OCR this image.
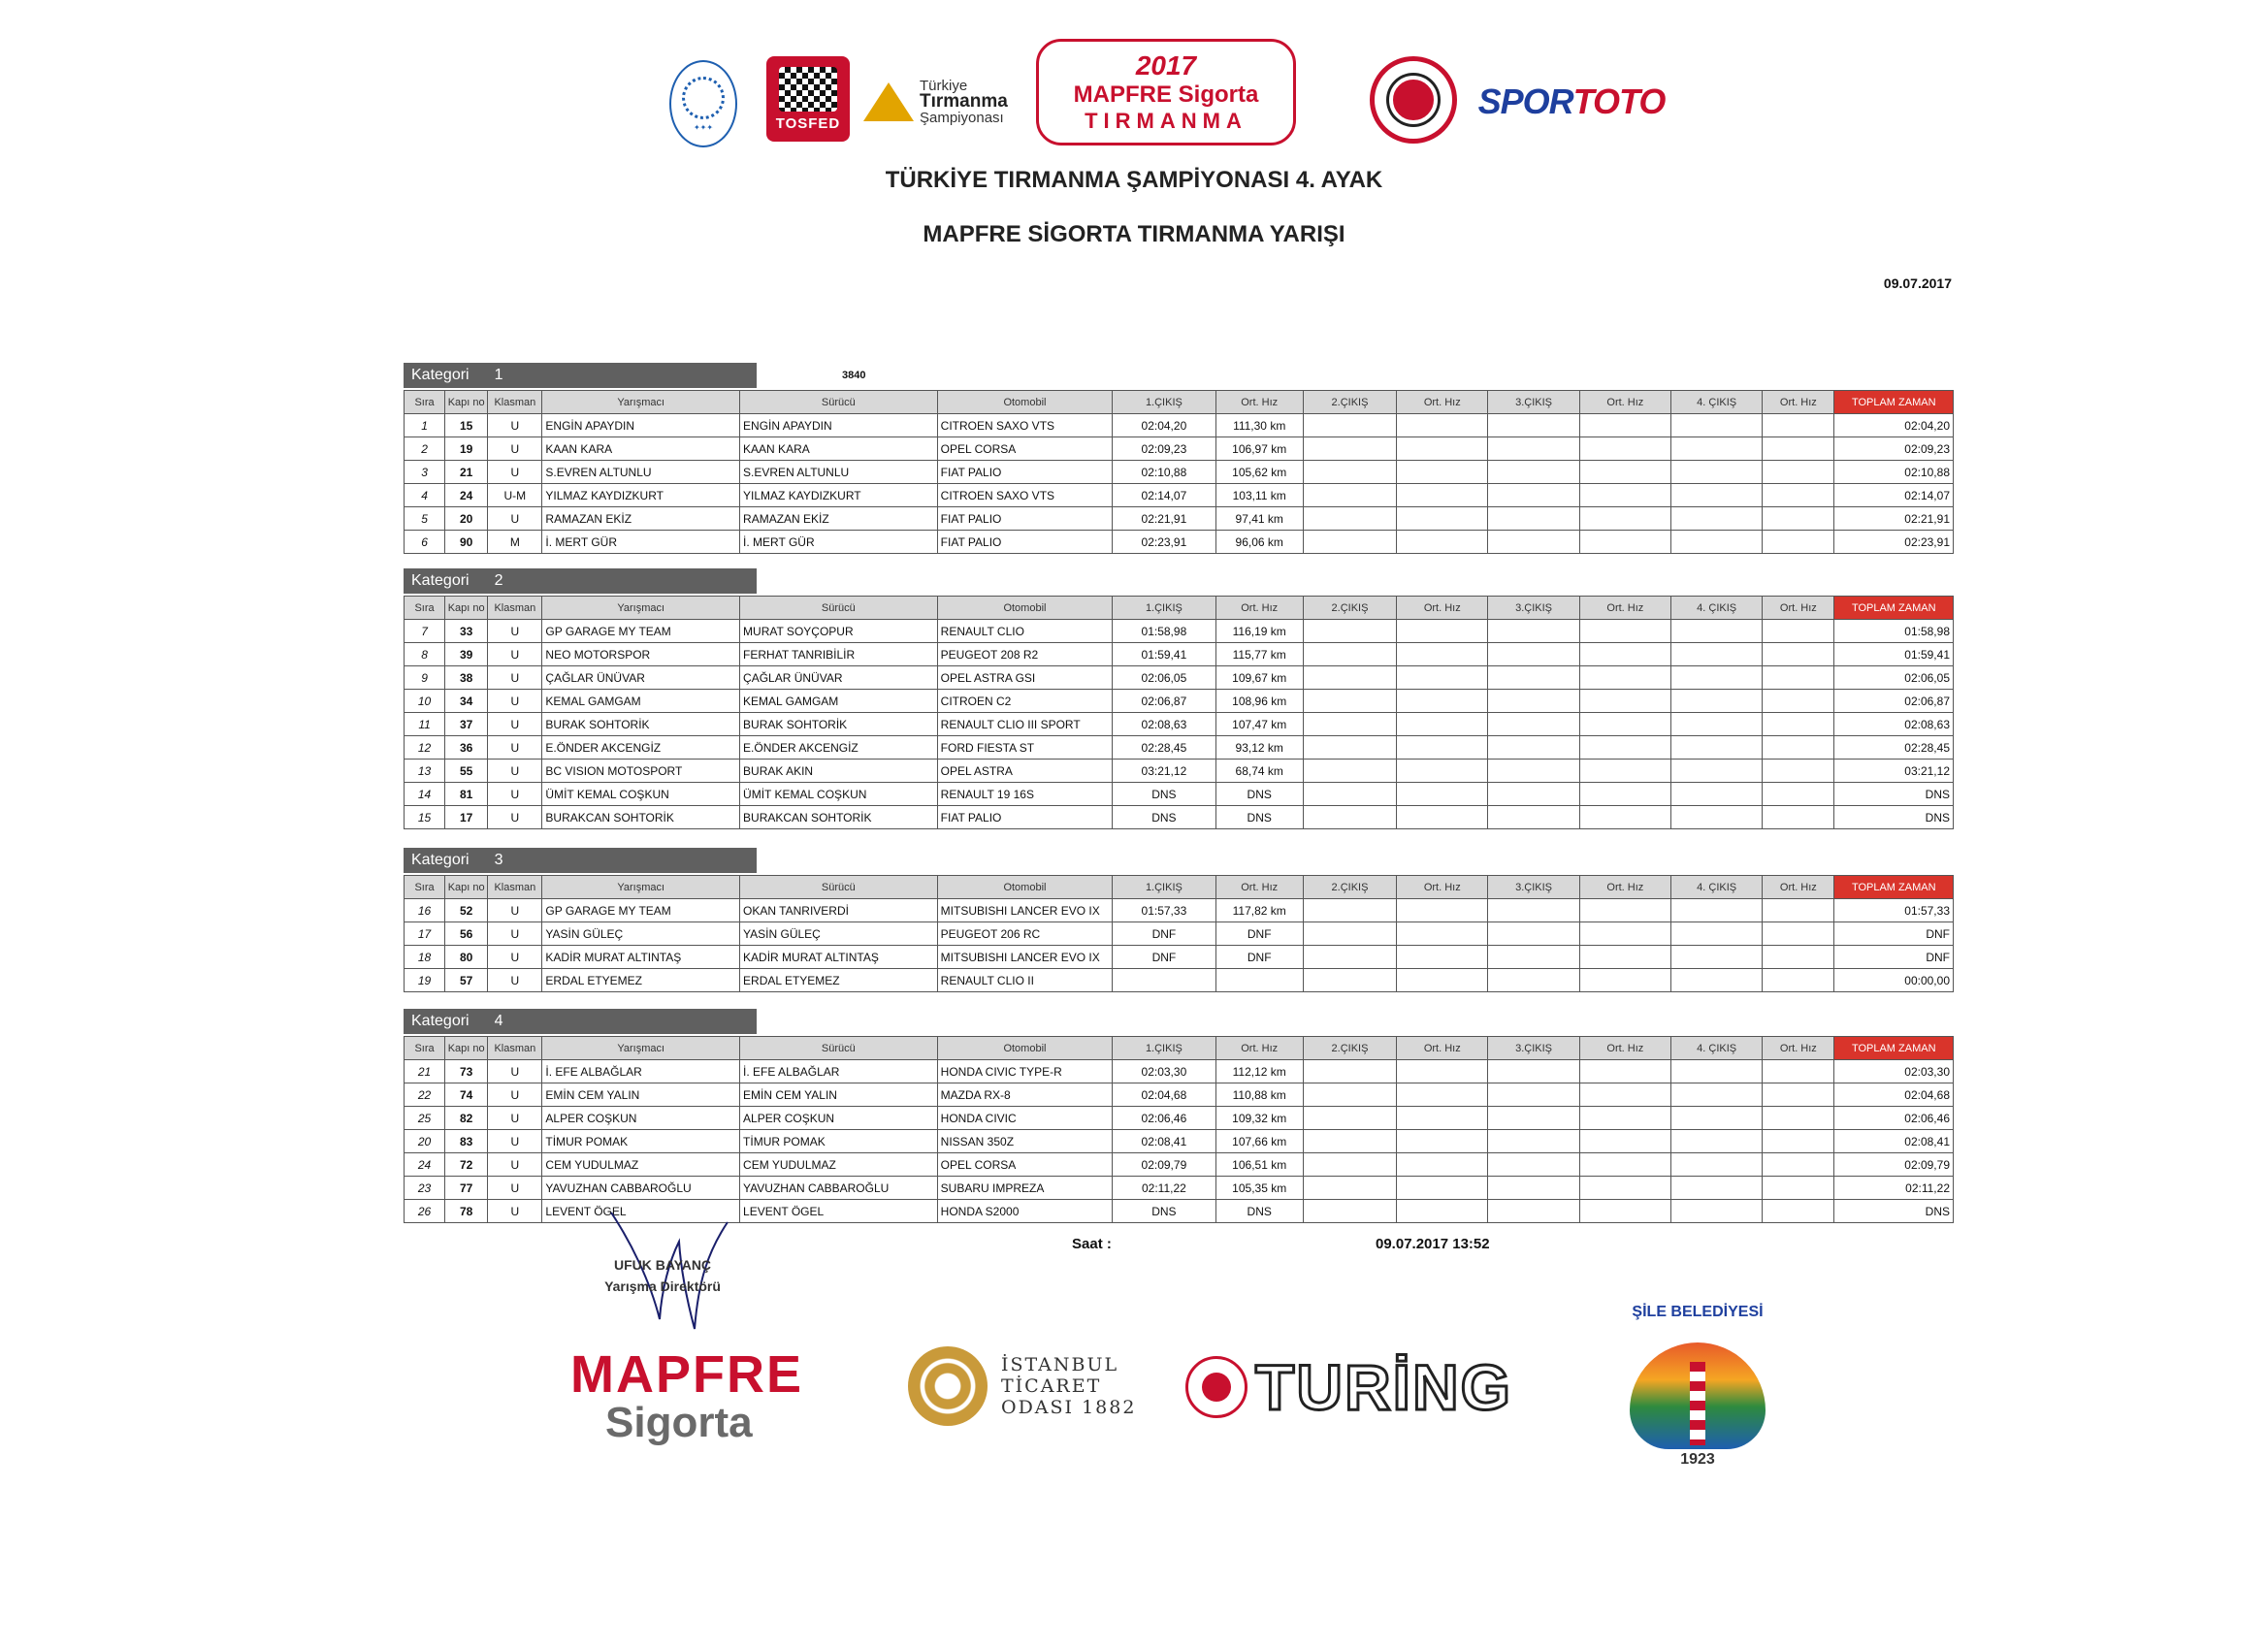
✦✦✦	TOSFED
Türkiye
Tırmanma
Şampiyonası
2017
MAPFRE Sigorta
TIRMANMA	SPOR TOTO
TÜRKİYE TIRMANMA ŞAMPİYONASI 4. AYAK
MAPFRE SİGORTA TIRMANMA YARIŞI
09.07.2017
3840
Kategori 1
Sıra	Kapı no	Klasman	Yarışmacı	Sürücü	Otomobil	1.ÇIKIŞ	Ort. Hız	2.ÇIKIŞ	Ort. Hız	3.ÇIKIŞ	Ort. Hız	4. ÇIKIŞ	Ort. Hız	TOPLAM ZAMAN
1	15	U	ENGİN APAYDIN	ENGİN APAYDIN	CITROEN SAXO VTS	02:04,20	111,30 km							02:04,20
2	19	U	KAAN KARA	KAAN KARA	OPEL CORSA	02:09,23	106,97 km							02:09,23
3	21	U	S.EVREN ALTUNLU	S.EVREN ALTUNLU	FIAT PALIO	02:10,88	105,62 km							02:10,88
4	24	U-M	YILMAZ KAYDIZKURT	YILMAZ KAYDIZKURT	CITROEN SAXO VTS	02:14,07	103,11 km							02:14,07
5	20	U	RAMAZAN EKİZ	RAMAZAN EKİZ	FIAT PALIO	02:21,91	97,41 km							02:21,91
6	90	M	İ. MERT GÜR	İ. MERT GÜR	FIAT PALIO	02:23,91	96,06 km							02:23,91
Kategori 2
Sıra	Kapı no	Klasman	Yarışmacı	Sürücü	Otomobil	1.ÇIKIŞ	Ort. Hız	2.ÇIKIŞ	Ort. Hız	3.ÇIKIŞ	Ort. Hız	4. ÇIKIŞ	Ort. Hız	TOPLAM ZAMAN
7	33	U	GP GARAGE MY TEAM	MURAT SOYÇOPUR	RENAULT CLIO	01:58,98	116,19 km							01:58,98
8	39	U	NEO MOTORSPOR	FERHAT TANRIBİLİR	PEUGEOT 208 R2	01:59,41	115,77 km							01:59,41
9	38	U	ÇAĞLAR ÜNÜVAR	ÇAĞLAR ÜNÜVAR	OPEL ASTRA GSI	02:06,05	109,67 km							02:06,05
10	34	U	KEMAL GAMGAM	KEMAL GAMGAM	CITROEN C2	02:06,87	108,96 km							02:06,87
11	37	U	BURAK SOHTORİK	BURAK SOHTORİK	RENAULT CLIO III SPORT	02:08,63	107,47 km							02:08,63
12	36	U	E.ÖNDER AKCENGİZ	E.ÖNDER AKCENGİZ	FORD FIESTA ST	02:28,45	93,12 km							02:28,45
13	55	U	BC VISION MOTOSPORT	BURAK AKIN	OPEL ASTRA	03:21,12	68,74 km							03:21,12
14	81	U	ÜMİT KEMAL COŞKUN	ÜMİT KEMAL COŞKUN	RENAULT 19 16S	DNS	DNS							DNS
15	17	U	BURAKCAN SOHTORİK	BURAKCAN SOHTORİK	FIAT PALIO	DNS	DNS							DNS
Kategori 3
Sıra	Kapı no	Klasman	Yarışmacı	Sürücü	Otomobil	1.ÇIKIŞ	Ort. Hız	2.ÇIKIŞ	Ort. Hız	3.ÇIKIŞ	Ort. Hız	4. ÇIKIŞ	Ort. Hız	TOPLAM ZAMAN
16	52	U	GP GARAGE MY TEAM	OKAN TANRIVERDİ	MITSUBISHI LANCER EVO IX	01:57,33	117,82 km							01:57,33
17	56	U	YASİN GÜLEÇ	YASİN GÜLEÇ	PEUGEOT 206 RC	DNF	DNF							DNF
18	80	U	KADİR MURAT ALTINTAŞ	KADİR MURAT ALTINTAŞ	MITSUBISHI LANCER EVO IX	DNF	DNF							DNF
19	57	U	ERDAL ETYEMEZ	ERDAL ETYEMEZ	RENAULT CLIO II									00:00,00
Kategori 4
Sıra	Kapı no	Klasman	Yarışmacı	Sürücü	Otomobil	1.ÇIKIŞ	Ort. Hız	2.ÇIKIŞ	Ort. Hız	3.ÇIKIŞ	Ort. Hız	4. ÇIKIŞ	Ort. Hız	TOPLAM ZAMAN
21	73	U	İ. EFE ALBAĞLAR	İ. EFE ALBAĞLAR	HONDA CIVIC TYPE-R	02:03,30	112,12 km							02:03,30
22	74	U	EMİN CEM YALIN	EMİN CEM YALIN	MAZDA RX-8	02:04,68	110,88 km							02:04,68
25	82	U	ALPER COŞKUN	ALPER COŞKUN	HONDA CIVIC	02:06,46	109,32 km							02:06,46
20	83	U	TİMUR POMAK	TİMUR POMAK	NISSAN 350Z	02:08,41	107,66 km							02:08,41
24	72	U	CEM YUDULMAZ	CEM YUDULMAZ	OPEL CORSA	02:09,79	106,51 km							02:09,79
23	77	U	YAVUZHAN CABBAROĞLU	YAVUZHAN CABBAROĞLU	SUBARU IMPREZA	02:11,22	105,35 km							02:11,22
26	78	U	LEVENT ÖGEL	LEVENT ÖGEL	HONDA S2000	DNS	DNS							DNS
UFUK BAYANÇ
Yarışma Direktörü
Saat :	09.07.2017 13:52
MAPFRE
Sigorta
İSTANBUL TİCARET ODASI 1882	TURİNG
ŞİLE BELEDİYESİ
1923
